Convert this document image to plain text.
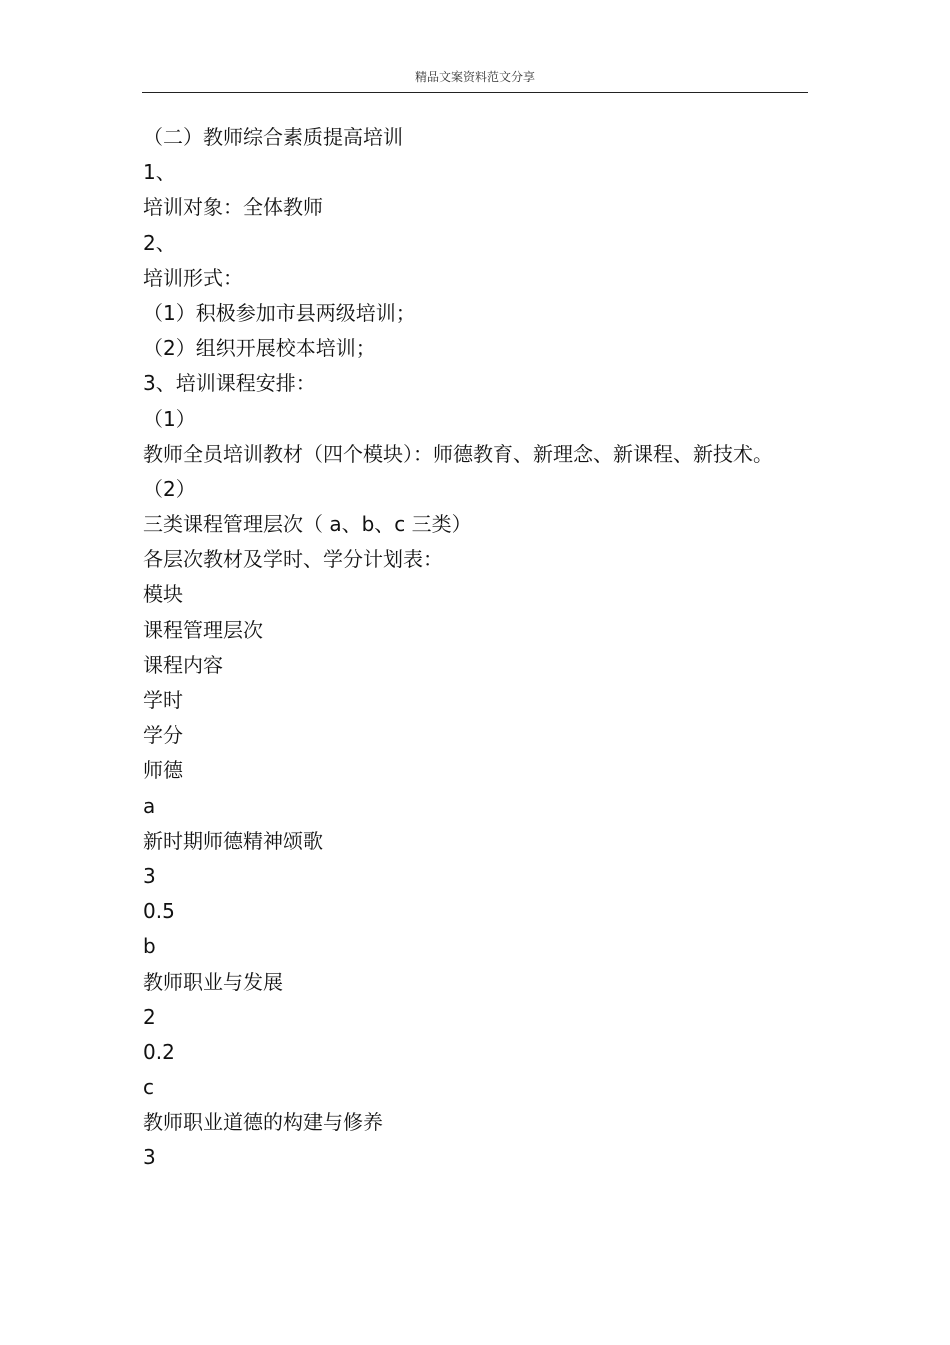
精品文案资料范文分享
（二）教师综合素质提高培训
1、
培训对象：全体教师
2、
培训形式：
（1）积极参加市县两级培训；
（2）组织开展校本培训；
3、培训课程安排：
（1）
教师全员培训教材（四个模块）：师德教育、新理念、新课程、新技术。
（2）
三类课程管理层次（ a、b、c 三类）
各层次教材及学时、学分计划表：
模块
课程管理层次
课程内容
学时
学分
师德
a
新时期师德精神颂歌
3
0.5
b
教师职业与发展
2
0.2
c
教师职业道德的构建与修养
3
